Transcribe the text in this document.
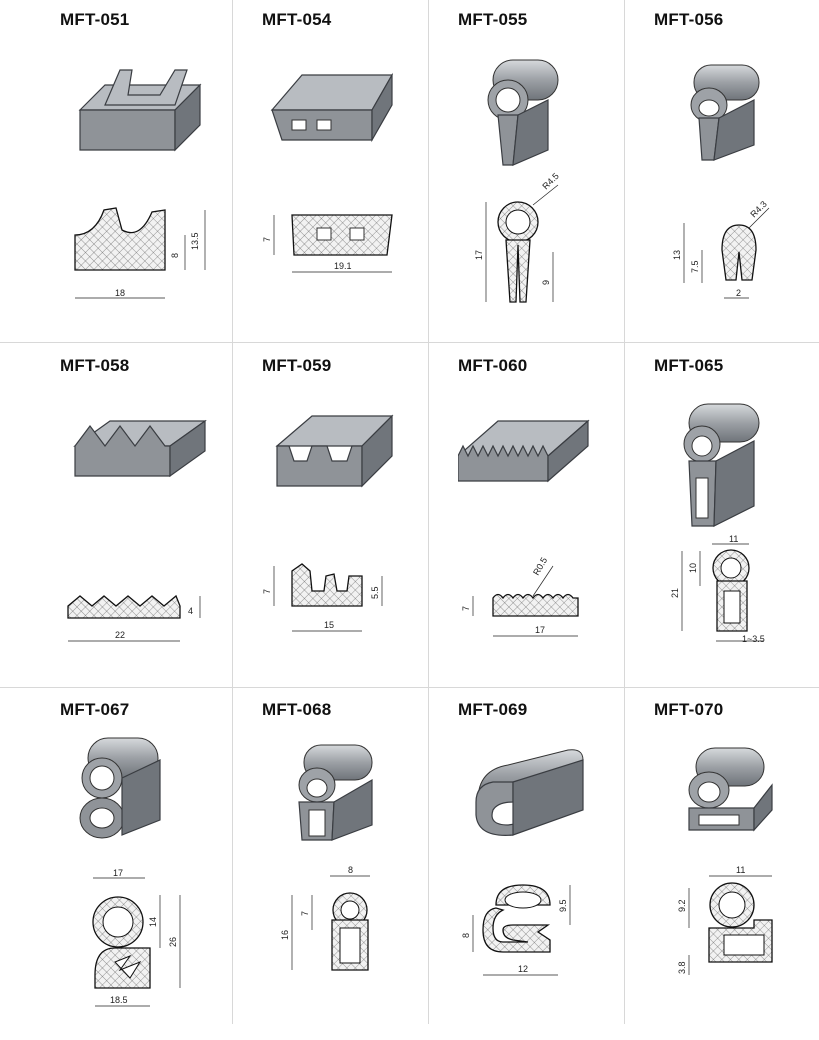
MFT-051
18
8
13.5
MFT-054
7
19.1
MFT-055
R4.5
17
9
MFT-056
R4.3
13
7.5
2
MFT-058
22
4
MFT-059
7
15
5.5
MFT-060
R0.5
7
17
MFT-065
11
10
21
1~3.5
MFT-067
17
14
26
18.5
MFT-068
8
7
16
MFT-069
9.5
8
12
MFT-070
11
9.2
3.8
